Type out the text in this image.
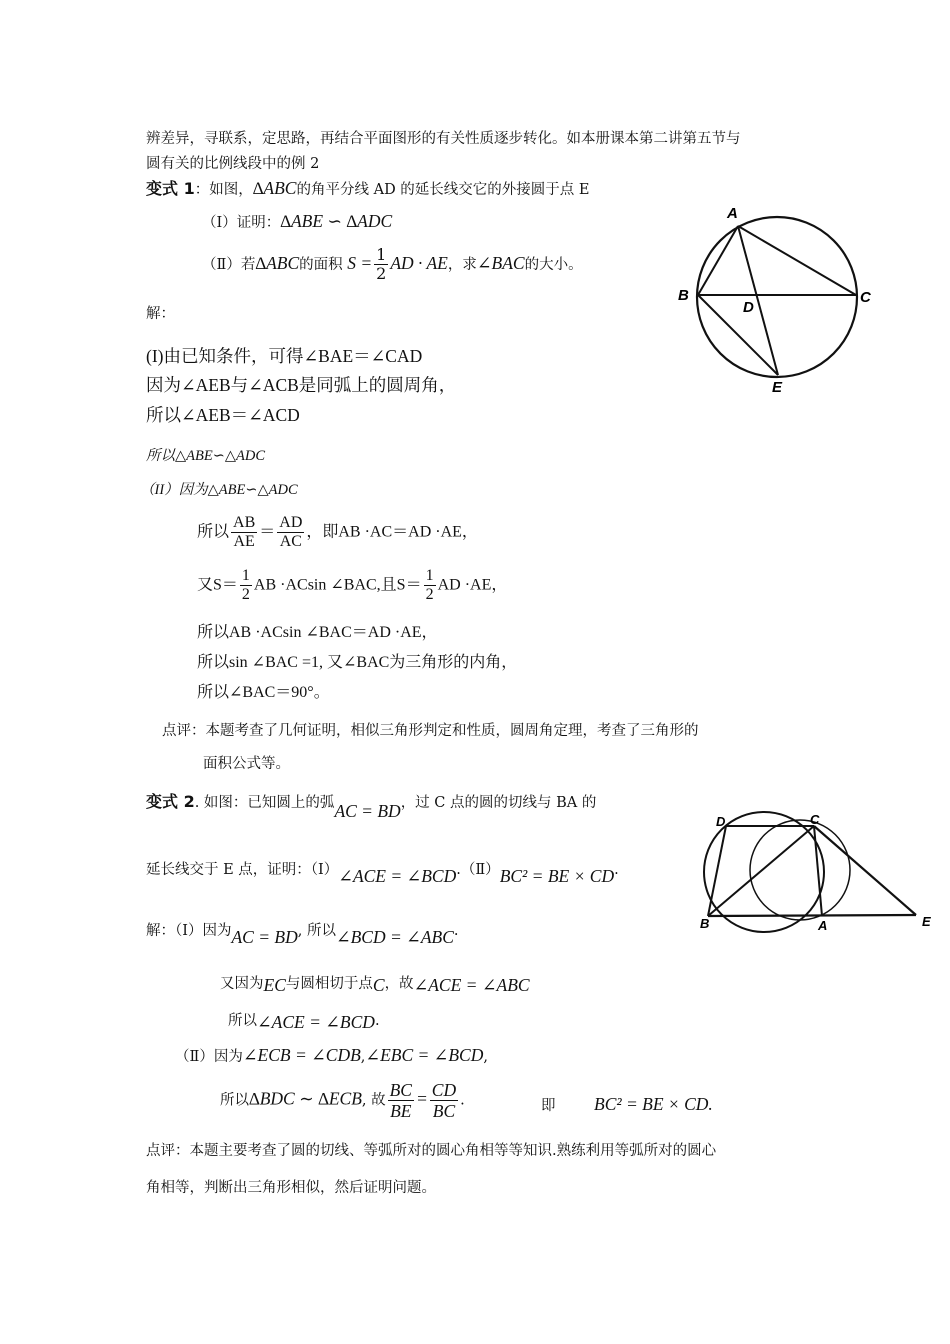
辨差异，寻联系，定思路，再结合平面图形的有关性质逐步转化。如本册课本第二讲第五节与
圆有关的比例线段中的例 2
变式 1：如图，∆ABC的角平分线 AD 的延长线交它的外接圆于点 E
（Ⅰ）证明：∆ABE ∽ ∆ADC
（Ⅱ）若∆ABC的面积 $S = \frac{1}{2}$ AD · AE，求∠BAC的大小。
A
B	C
D
E
解：
(I)由已知条件，可得∠BAE＝∠CAD
因为∠AEB与∠ACB是同弧上的圆周角，
所以∠AEB＝∠ACD
所以△ABE∽△ADC
（II）因为△ABE∽△ADC
所以 $\frac{AB}{AE} = \frac{AD}{AC}$ ，即AB ·AC＝AD ·AE，
又$S= \frac{1}{2}$ AB ·ACsin ∠BAC,且$S= \frac{1}{2}$ AD ·AE，
所以AB ·ACsin ∠BAC＝AD ·AE，
所以sin ∠BAC =1, 又∠BAC为三角形的内角，
所以∠BAC＝90°。
点评：本题考查了几何证明，相似三角形判定和性质，圆周角定理，考查了三角形的
面积公式等。
变式 2. 如图：已知圆上的弧AC = BD，过 C 点的圆的切线与 BA 的
D	C
B	A	E
延长线交于 E 点，证明：（Ⅰ）∠ACE = ∠BCD.（Ⅱ）BC² = BE × CD.
解：（Ⅰ）因为AC = BD, 所以∠BCD = ∠ABC.
又因为EC与圆相切于点C，故∠ACE = ∠ABC
所以∠ACE = ∠BCD.
（Ⅱ）因为∠ECB = ∠CDB,∠EBC = ∠BCD,
所以∆BDC ∼ ∆ECB, 故 $\frac{BC}{BE} = \frac{CD}{BC}$ .	即 BC² = BE × CD.
点评：本题主要考查了圆的切线、等弧所对的圆心角相等等知识.熟练利用等弧所对的圆心
角相等，判断出三角形相似，然后证明问题。
